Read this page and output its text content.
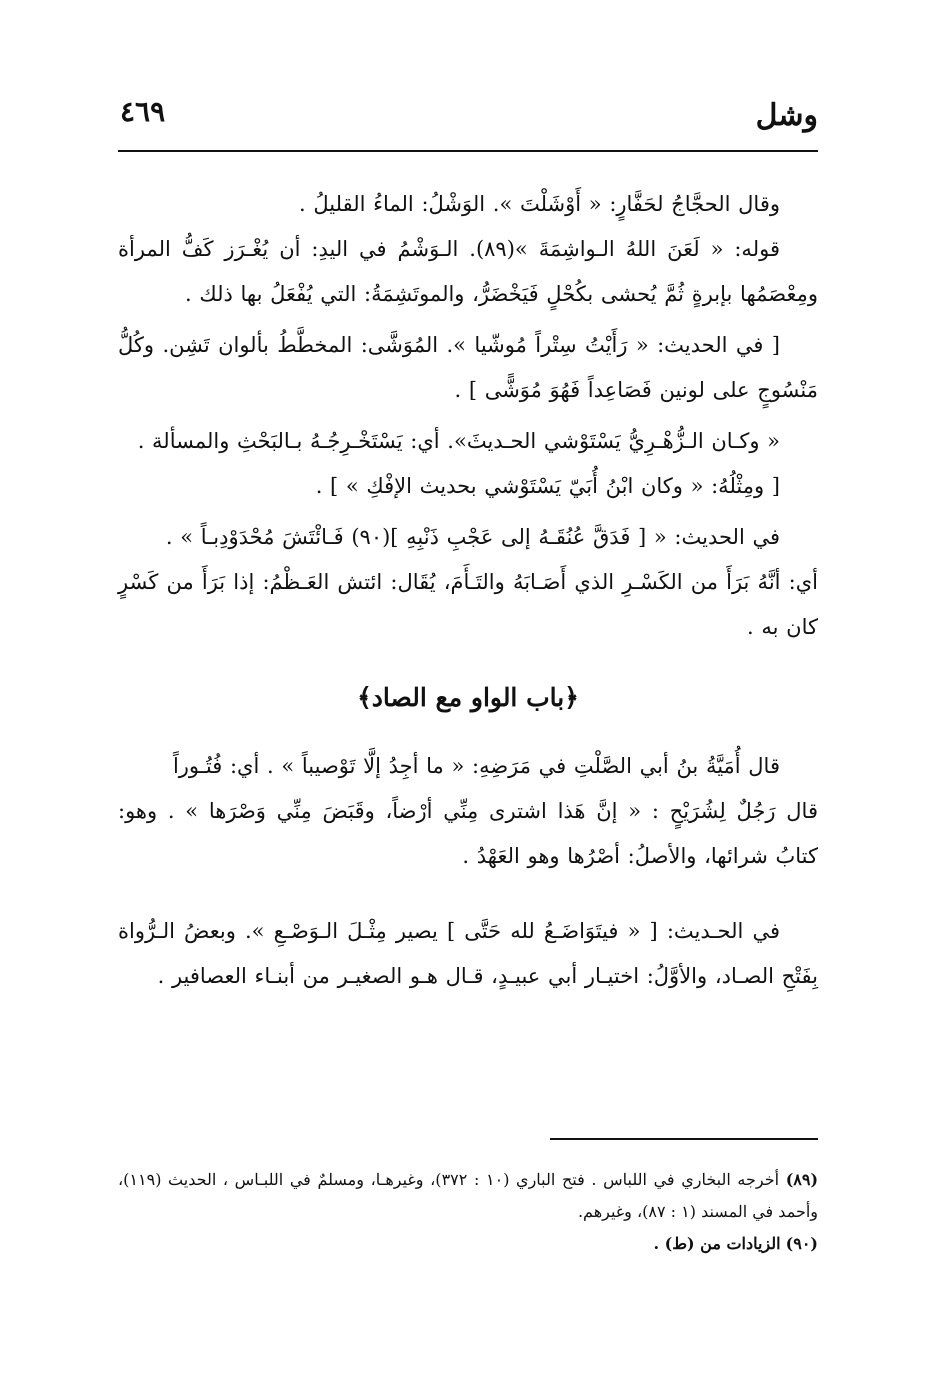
وشل
٤٦٩

وقال الحجَّاجُ لحَفَّارٍ: « أَوْشَلْتَ ». الوَشْلُ: الماءُ القليلُ .

قوله: « لَعَنَ اللهُ الـواشِمَةَ »(٨٩). الـوَشْمُ في اليدِ: أن يُغْـرَز كَفُّ المرأة ومِعْصَمُها بإبرةٍ ثُمَّ يُحشى بكُحْلٍ فَيَخْضَرُّ، والموتَشِمَةُ: التي يُفْعَلُ بها ذلك .

[ في الحديث: « رَأَيْتُ سِتْراً مُوشّيا ». المُوَشَّى: المخطَّطُ بألوان تَشِن. وكُلُّ مَنْسُوجٍ على لونين فَصَاعِداً فَهُوَ مُوَشًّى ] .

« وكـان الـزُّهْـرِيُّ يَسْتَوْشي الحـديثَ». أي: يَسْتَخْـرِجُـهُ بـالبَحْثِ والمسألة .

[ ومِثْلُهُ: « وكان ابْنُ أُبَيّ يَسْتَوْشي بحديث الإفْكِ » ] .

في الحديث: « [ فَدَقَّ عُنُقَـهُ إلى عَجْبِ ذَنْبِهِ ](٩٠) فَـائْتَشَ مُحْدَوْدِبـاً » .

أي: أنَّهُ بَرَأَ من الكَسْـرِ الذي أَصَـابَهُ والتَـأَمَ، يُقَال: ائتش العَـظْمُ: إذا بَرَأَ من كَسْرٍ كان به .

﴿باب الواو مع الصاد﴾

قال أُمَيَّةُ بنُ أبي الصَّلْتِ في مَرَضِهِ: « ما أجِدُ إلَّا تَوْصيباً » . أي: فُتُـوراً

قال رَجُلٌ لِشُرَيْحٍ : « إنَّ هَذا اشترى مِنِّي أرْضاً، وقَبَضَ مِنِّي وَصْرَها » . وهو: كتابُ شرائها، والأصلُ: أصْرُها وهو العَهْدُ .

في الحـديث: [ « فيتَوَاضَـعُ لله حَتَّى ] يصير مِثْـلَ الـوَصْـعِ ». وبعضُ الـرُّواة بِفَتْحِ الصـاد، والأوَّلُ: اختيـار أبي عبيـدٍ، قـال هـو الصغيـر من أبنـاء العصافير .

(٨٩) أخرجه البخاري في اللباس . فتح الباري (١٠ : ٣٧٢)، وغيرهـا، ومسلمٌ في اللبـاس ، الحديث (١١٩)، وأحمد في المسند (١ : ٨٧)، وغيرهم.

(٩٠) الزيادات من (ط) .
